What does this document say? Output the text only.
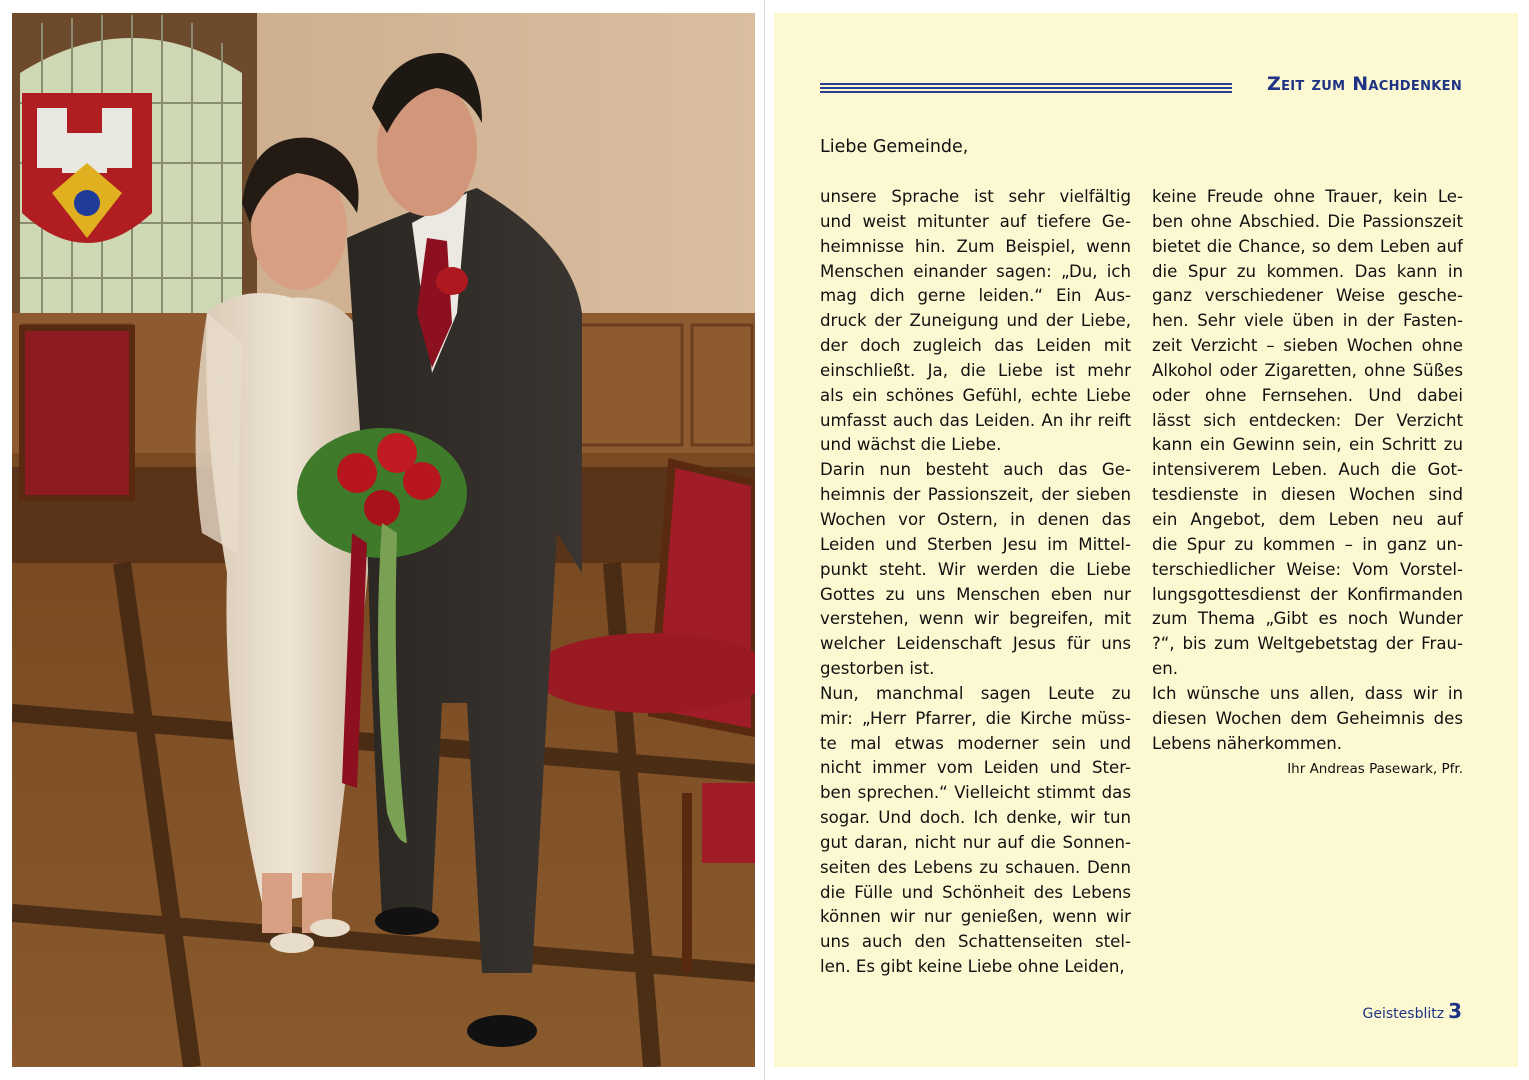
Zeit zum Nachdenken
Liebe Gemeinde,
unsere Sprache ist sehr vielfältig
und weist mitunter auf tiefere Ge-
heimnisse hin. Zum Beispiel, wenn
Menschen einander sagen: „Du, ich
mag dich gerne leiden.“ Ein Aus-
druck der Zuneigung und der Liebe,
der doch zugleich das Leiden mit
einschließt. Ja, die Liebe ist mehr
als ein schönes Gefühl, echte Liebe
umfasst auch das Leiden. An ihr reift
und wächst die Liebe.
Darin nun besteht auch das Ge-
heimnis der Passionszeit, der sieben
Wochen vor Ostern, in denen das
Leiden und Sterben Jesu im Mittel-
punkt steht. Wir werden die Liebe
Gottes zu uns Menschen eben nur
verstehen, wenn wir begreifen, mit
welcher Leidenschaft Jesus für uns
gestorben ist.
Nun, manchmal sagen Leute zu
mir: „Herr Pfarrer, die Kirche müss-
te mal etwas moderner sein und
nicht immer vom Leiden und Ster-
ben sprechen.“ Vielleicht stimmt das
sogar. Und doch. Ich denke, wir tun
gut daran, nicht nur auf die Sonnen-
seiten des Lebens zu schauen. Denn
die Fülle und Schönheit des Lebens
können wir nur genießen, wenn wir
uns auch den Schattenseiten stel-
len. Es gibt keine Liebe ohne Leiden,
keine Freude ohne Trauer, kein Le-
ben ohne Abschied. Die Passionszeit
bietet die Chance, so dem Leben auf
die Spur zu kommen. Das kann in
ganz verschiedener Weise gesche-
hen. Sehr viele üben in der Fasten-
zeit Verzicht – sieben Wochen ohne
Alkohol oder Zigaretten, ohne Süßes
oder ohne Fernsehen. Und dabei
lässt sich entdecken: Der Verzicht
kann ein Gewinn sein, ein Schritt zu
intensiverem Leben. Auch die Got-
tesdienste in diesen Wochen sind
ein Angebot, dem Leben neu auf
die Spur zu kommen – in ganz un-
terschiedlicher Weise: Vom Vorstel-
lungsgottesdienst der Konfirmanden
zum Thema „Gibt es noch Wunder
?“, bis zum Weltgebetstag der Frau-
en.
Ich wünsche uns allen, dass wir in
diesen Wochen dem Geheimnis des
Lebens näherkommen.
Ihr Andreas Pasewark, Pfr.
Geistesblitz 3
